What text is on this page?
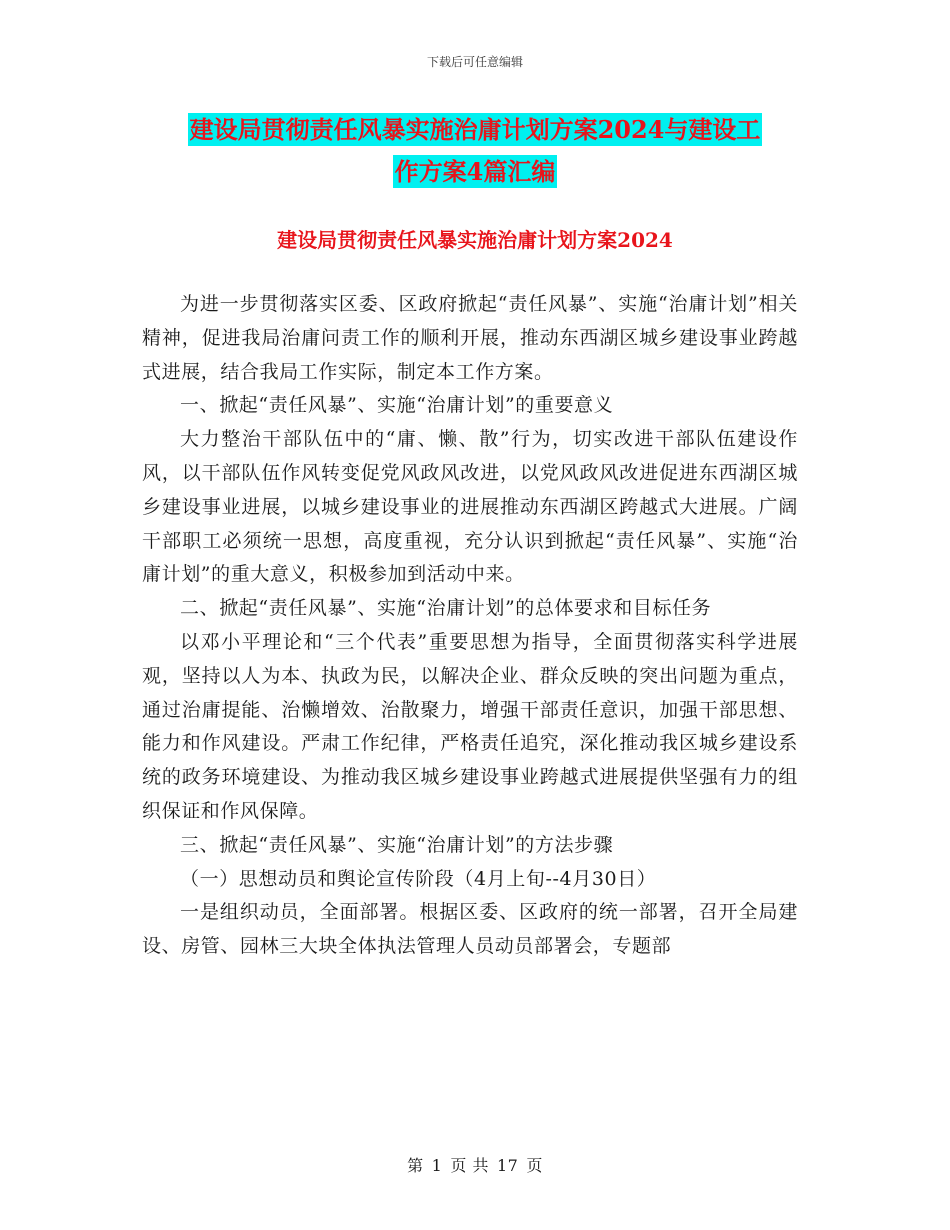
下载后可任意编辑
建设局贯彻责任风暴实施治庸计划方案2024与建设工
作方案4篇汇编
建设局贯彻责任风暴实施治庸计划方案2024

为进一步贯彻落实区委、区政府掀起“责任风暴”、实施“治庸计划”相关精神，促进我局治庸问责工作的顺利开展，推动东西湖区城乡建设事业跨越式进展，结合我局工作实际，制定本工作方案。

一、掀起“责任风暴”、实施“治庸计划”的重要意义

大力整治干部队伍中的“庸、懒、散”行为，切实改进干部队伍建设作风，以干部队伍作风转变促党风政风改进，以党风政风改进促进东西湖区城乡建设事业进展，以城乡建设事业的进展推动东西湖区跨越式大进展。广阔干部职工必须统一思想，高度重视，充分认识到掀起“责任风暴”、实施“治庸计划”的重大意义，积极参加到活动中来。

二、掀起“责任风暴”、实施“治庸计划”的总体要求和目标任务

以邓小平理论和“三个代表”重要思想为指导，全面贯彻落实科学进展观，坚持以人为本、执政为民，以解决企业、群众反映的突出问题为重点，通过治庸提能、治懒增效、治散聚力，增强干部责任意识，加强干部思想、能力和作风建设。严肃工作纪律，严格责任追究，深化推动我区城乡建设系统的政务环境建设、为推动我区城乡建设事业跨越式进展提供坚强有力的组织保证和作风保障。

三、掀起“责任风暴”、实施“治庸计划”的方法步骤

（一）思想动员和舆论宣传阶段（4月上旬--4月30日）

一是组织动员，全面部署。根据区委、区政府的统一部署，召开全局建设、房管、园林三大块全体执法管理人员动员部署会，专题部

第 1 页 共 17 页
